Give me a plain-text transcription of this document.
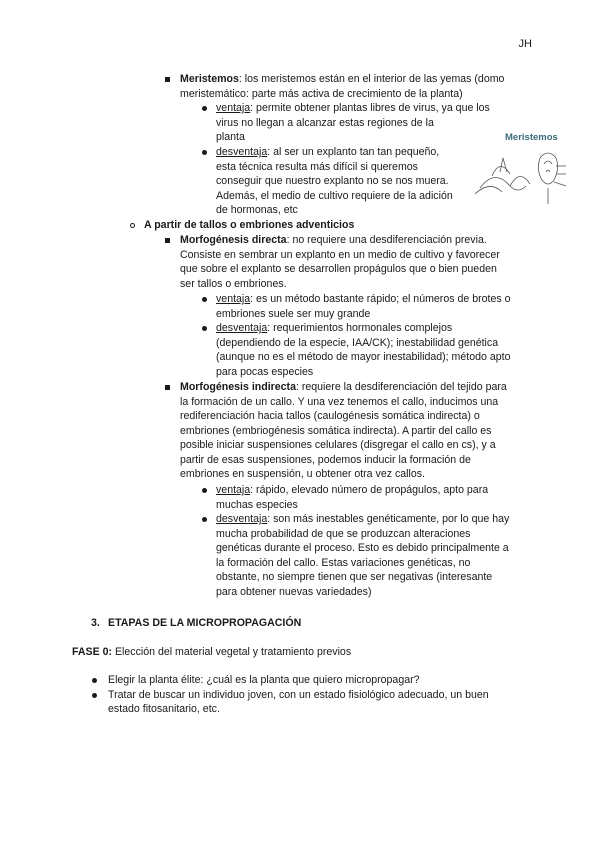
JH
Meristemos: los meristemos están en el interior de las yemas (domo
meristemático: parte más activa de crecimiento de la planta)
ventaja: permite obtener plantas libres de virus, ya que los
virus no llegan a alcanzar estas regiones de la
planta
desventaja: al ser un explanto tan tan pequeño,
esta técnica resulta más difícil si queremos
conseguir que nuestro explanto no se nos muera.
Además, el medio de cultivo requiere de la adición
de hormonas, etc
Meristemos
A partir de tallos o embriones adventicios
Morfogénesis directa: no requiere una desdiferenciación previa.
Consiste en sembrar un explanto en un medio de cultivo y favorecer
que sobre el explanto se desarrollen propágulos que o bien pueden
ser tallos o embriones.
ventaja: es un método bastante rápido; el números de brotes o
embriones suele ser muy grande
desventaja: requerimientos hormonales complejos
(dependiendo de la especie, IAA/CK); inestabilidad genética
(aunque no es el método de mayor inestabilidad); método apto
para pocas especies
Morfogénesis indirecta: requiere la desdiferenciación del tejido para
la formación de un callo. Y una vez tenemos el callo, inducimos una
rediferenciación hacia tallos (caulogénesis somática indirecta) o
embriones (embriogénesis somática indirecta). A partir del callo es
posible iniciar suspensiones celulares (disgregar el callo en cs), y a
partir de esas suspensiones, podemos inducir la formación de
embriones en suspensión, u obtener otra vez callos.
ventaja: rápido, elevado número de propágulos, apto para
muchas especies
desventaja: son más inestables genéticamente, por lo que hay
mucha probabilidad de que se produzcan alteraciones
genéticas durante el proceso. Esto es debido principalmente a
la formación del callo. Estas variaciones genéticas, no
obstante, no siempre tienen que ser negativas (interesante
para obtener nuevas variedades)
3. ETAPAS DE LA MICROPROPAGACIÓN
FASE 0: Elección del material vegetal y tratamiento previos
Elegir la planta élite: ¿cuál es la planta que quiero micropropagar?
Tratar de buscar un individuo joven, con un estado fisiológico adecuado, un buen
estado fitosanitario, etc.
